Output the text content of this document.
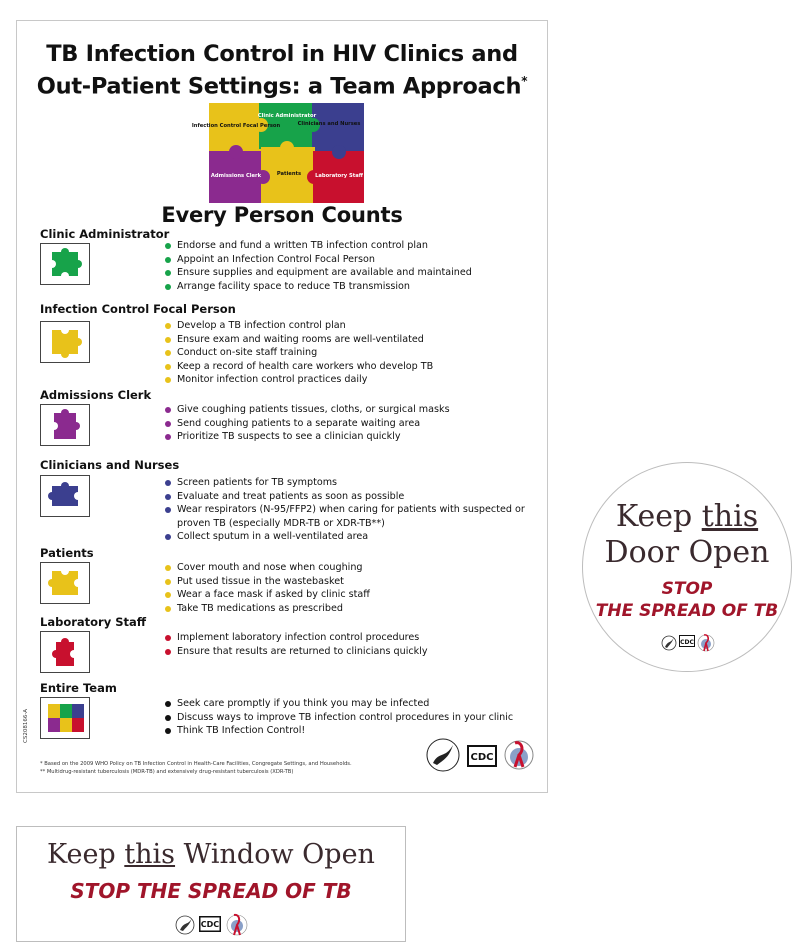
TB Infection Control in HIV Clinics and
Out-Patient Settings: a Team Approach*
Infection Control Focal Person	Clinicians and Nurses
Patients
Clinic Administrator
Admissions Clerk	Laboratory Staff
Every Person Counts
Clinic Administrator
Endorse and fund a written TB infection control plan
Appoint an Infection Control Focal Person
Ensure supplies and equipment are available and maintained
Arrange facility space to reduce TB transmission
Infection Control Focal Person
Develop a TB infection control plan
Ensure exam and waiting rooms are well-ventilated
Conduct on-site staff training
Keep a record of health care workers who develop TB
Monitor infection control practices daily
Admissions Clerk
Give coughing patients tissues, cloths, or surgical masks
Send coughing patients to a separate waiting area
Prioritize TB suspects to see a clinician quickly
Clinicians and Nurses
Screen patients for TB symptoms
Evaluate and treat patients as soon as possible
Wear respirators (N-95/FFP2) when caring for patients with suspected or proven TB (especially MDR-TB or XDR-TB**)
Collect sputum in a well-ventilated area
Patients
Cover mouth and nose when coughing
Put used tissue in the wastebasket
Wear a face mask if asked by clinic staff
Take TB medications as prescribed
Laboratory Staff
Implement laboratory infection control procedures
Ensure that results are returned to clinicians quickly
Entire Team
Seek care promptly if you think you may be infected
Discuss ways to improve TB infection control procedures in your clinic
Think TB Infection Control!
CS208166-A
* Based on the 2009 WHO Policy on TB Infection Control in Health-Care Facilities, Congregate Settings, and Households.
** Multidrug-resistant tuberculosis (MDR-TB) and extensively drug-resistant tuberculosis (XDR-TB)
CDC
Keep this
Door Open
STOP
THE SPREAD OF TB
CDC
Keep this Window Open
STOP THE SPREAD OF TB
CDC
